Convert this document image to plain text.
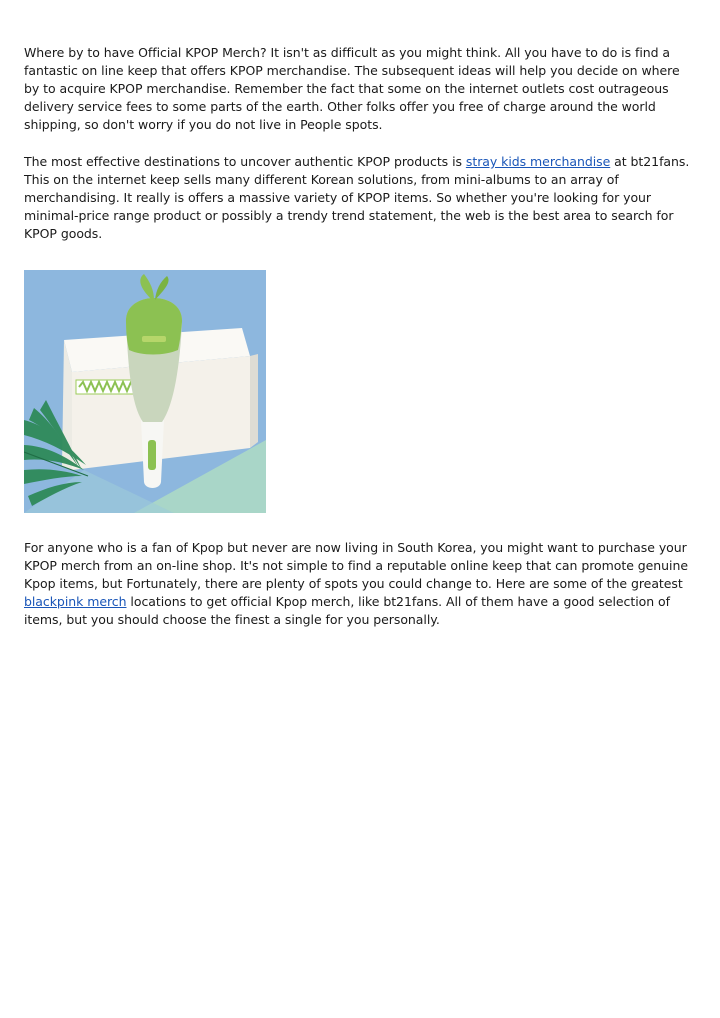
Where by to have Official KPOP Merch? It isn't as difficult as you might think. All you have to do is find a fantastic on line keep that offers KPOP merchandise. The subsequent ideas will help you decide on where by to acquire KPOP merchandise. Remember the fact that some on the internet outlets cost outrageous delivery service fees to some parts of the earth. Other folks offer you free of charge around the world shipping, so don't worry if you do not live in People spots.

The most effective destinations to uncover authentic KPOP products is stray kids merchandise at bt21fans. This on the internet keep sells many different Korean solutions, from mini-albums to an array of merchandising. It really is offers a massive variety of KPOP items. So whether you're looking for your minimal-price range product or possibly a trendy trend statement, the web is the best area to search for KPOP goods.

For anyone who is a fan of Kpop but never are now living in South Korea, you might want to purchase your KPOP merch from an on-line shop. It's not simple to find a reputable online keep that can promote genuine Kpop items, but Fortunately, there are plenty of spots you could change to. Here are some of the greatest blackpink merch locations to get official Kpop merch, like bt21fans. All of them have a good selection of items, but you should choose the finest a single for you personally.
